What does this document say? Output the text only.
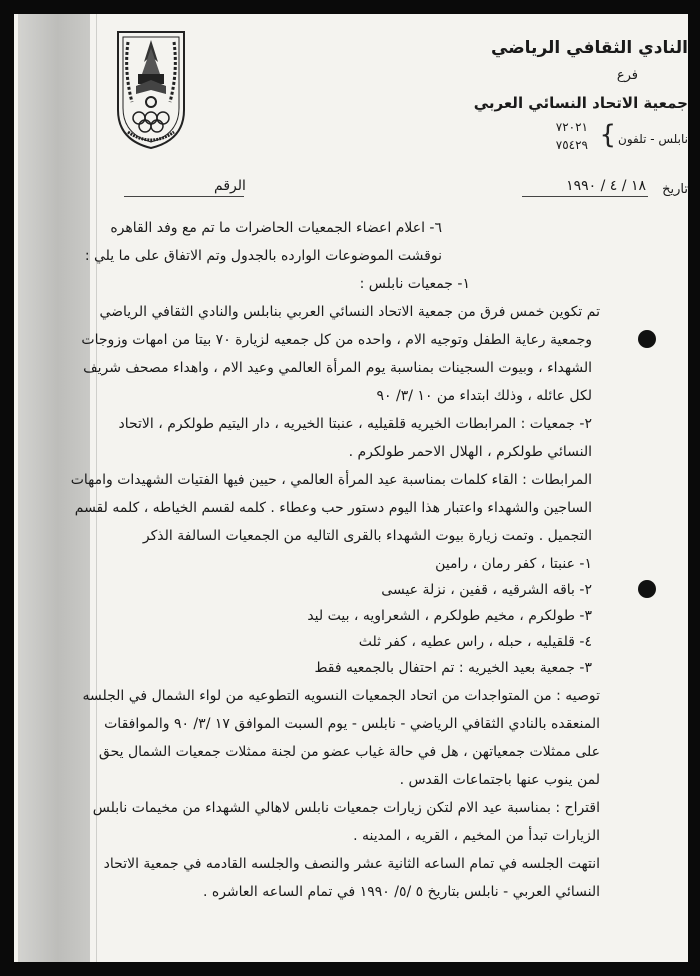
النادي الثقافي الرياضي
فرع
جمعية الاتحاد النسائي العربي
نابلس - تلفون
{
٧٢٠٢١
٧٥٤٢٩
الرقم	تاريخ
١٨ / ٤ / ١٩٩٠
٦- اعلام اعضاء الجمعيات الحاضرات ما تم مع وفد القاهره
نوقشت الموضوعات الوارده بالجدول وتم الاتفاق على ما يلي :
١- جمعيات نابلس :
تم تكوين خمس فرق من جمعية الاتحاد النسائي العربي بنابلس والنادي الثقافي الرياضي
وجمعية رعاية الطفل وتوجيه الام ، واحده من كل جمعيه لزيارة ٧٠ بيتا من امهات وزوجات
الشهداء ، وبيوت السجينات بمناسبة يوم المرأة العالمي وعيد الام ، واهداء مصحف شريف
لكل عائله ، وذلك ابتداء من ١٠ /٣/ ٩٠
٢- جمعيات : المرابطات الخيريه قلقيليه ، عنبتا الخيريه ، دار اليتيم طولكرم ، الاتحاد
النسائي طولكرم ، الهلال الاحمر طولكرم .
المرابطات : القاء كلمات بمناسبة عيد المرأة العالمي ، حيين فيها الفتيات الشهيدات وامهات
الساجين والشهداء واعتبار هذا اليوم دستور حب وعطاء . كلمه لقسم الخياطه ، كلمه لقسم
التجميل . وتمت زيارة بيوت الشهداء بالقرى التاليه من الجمعيات السالفة الذكر
١- عنبتا ، كفر رمان ، رامين
٢- باقه الشرقيه ، قفين ، نزلة عيسى
٣- طولكرم ، مخيم طولكرم ، الشعراويه ، بيت ليد
٤- قلقيليه ، حبله ، راس عطيه ، كفر ثلث
٣- جمعية بعيد الخيريه : تم احتفال بالجمعيه فقط
توصيه : من المتواجدات من اتحاد الجمعيات النسويه التطوعيه من لواء الشمال في الجلسه
المنعقده بالنادي الثقافي الرياضي - نابلس - يوم السبت الموافق ١٧ /٣/ ٩٠ والموافقات
على ممثلات جمعياتهن ، هل في حالة غياب عضو من لجنة ممثلات جمعيات الشمال يحق
لمن ينوب عنها باجتماعات القدس .
اقتراح : بمناسبة عيد الام لتكن زيارات جمعيات نابلس لاهالي الشهداء من مخيمات نابلس
الزيارات تبدأ من المخيم ، القريه ، المدينه .
انتهت الجلسه في تمام الساعه الثانية عشر والنصف والجلسه القادمه في جمعية الاتحاد
النسائي العربي - نابلس بتاريخ ٥ /٥/ ١٩٩٠ في تمام الساعه العاشره .
